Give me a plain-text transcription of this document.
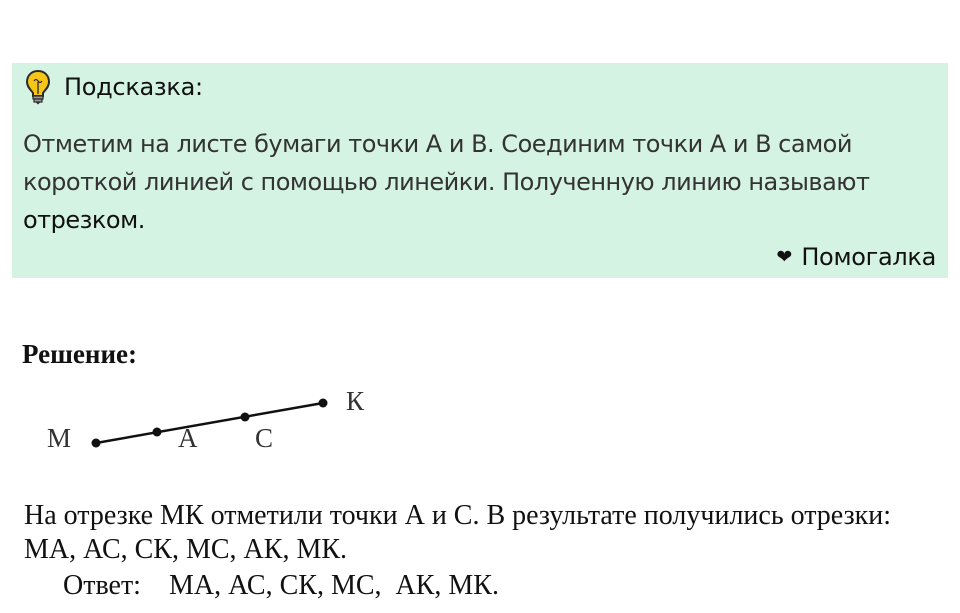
Подсказка:

Отметим на листе бумаги точки А и В. Соединим точки А и В самой короткой линией с помощью линейки. Полученную линию называют отрезком.

❤ Помогалка
Решение:
М	А С
К

На отрезке МК отметили точки А и С. В результате получились отрезки: МА, АС, СК, МС, АК, МК.

Ответ: МА, АС, СК, МС,  АК, МК.
